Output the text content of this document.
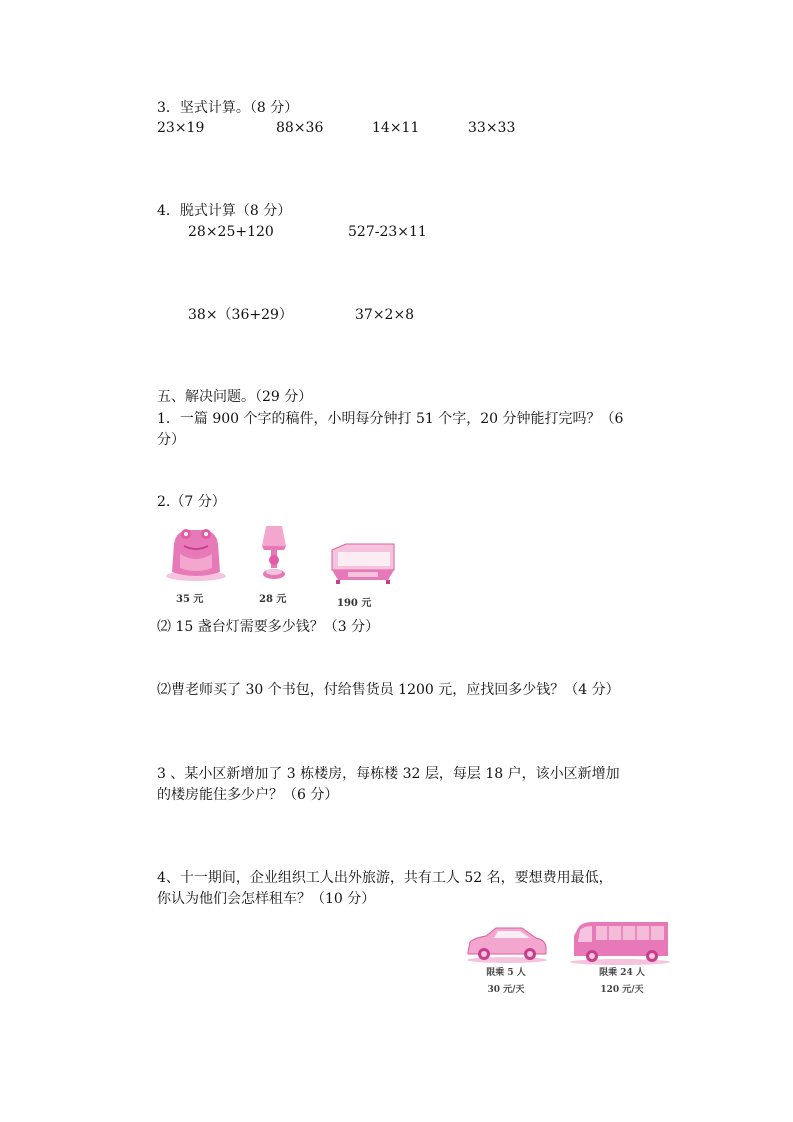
3．坚式计算。（8 分）
23×19	88×36	14×11	33×33
4．脱式计算（8 分）
28×25+120	527-23×11
38×（36+29）	37×2×8
五、解决问题。（29 分）
1．一篇 900 个字的稿件，小明每分钟打 51 个字，20 分钟能打完吗？（6
分）
2.（7 分）
35 元	28 元	190 元
⑵ 15 盏台灯需要多少钱？（3 分）
⑵曹老师买了 30 个书包，付给售货员 1200 元，应找回多少钱？（4 分）
3 、某小区新增加了 3 栋楼房，每栋楼 32 层，每层 18 户，该小区新增加
的楼房能住多少户？（6 分）
4、十一期间，企业组织工人出外旅游，共有工人 52 名，要想费用最低，
你认为他们会怎样租车？（10 分）
限乘 5 人
30 元/天
限乘 24 人
120 元/天
